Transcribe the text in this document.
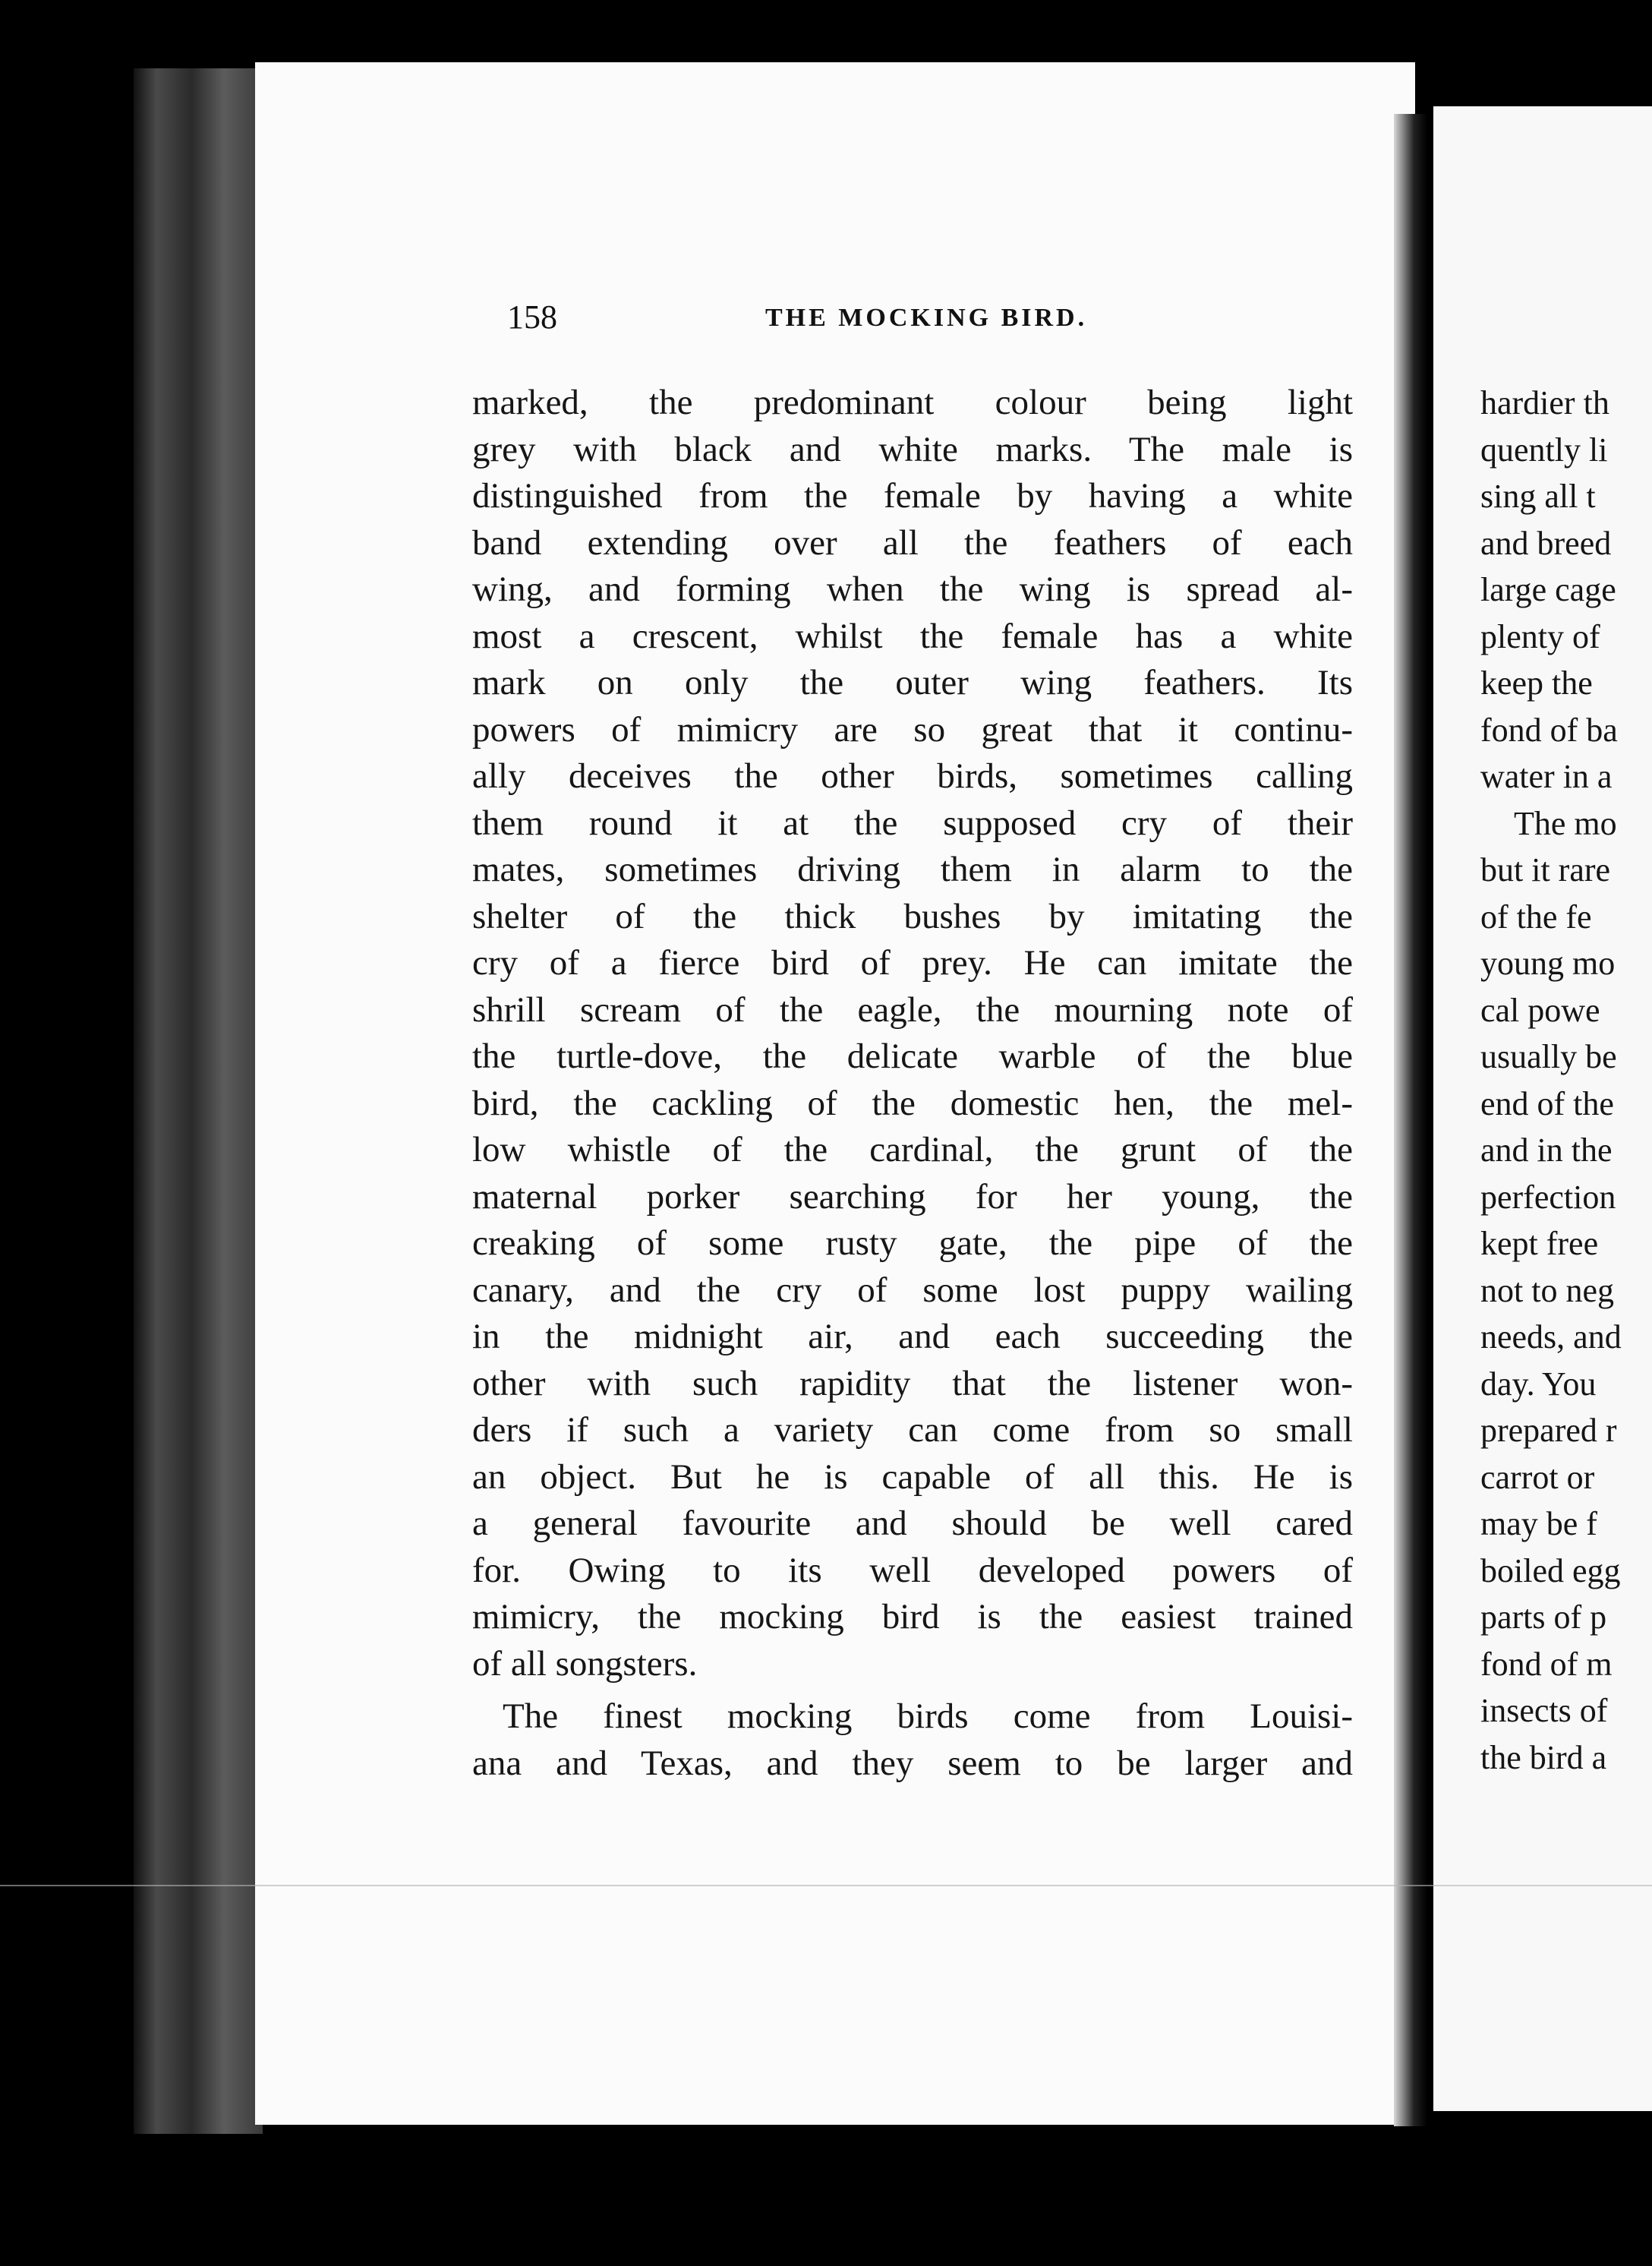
158	THE MOCKING BIRD.
marked, the predominant colour being light
grey with black and white marks. The male is
distinguished from the female by having a white
band extending over all the feathers of each
wing, and forming when the wing is spread al-
most a crescent, whilst the female has a white
mark on only the outer wing feathers. Its
powers of mimicry are so great that it continu-
ally deceives the other birds, sometimes calling
them round it at the supposed cry of their
mates, sometimes driving them in alarm to the
shelter of the thick bushes by imitating the
cry of a fierce bird of prey. He can imitate the
shrill scream of the eagle, the mourning note of
the turtle-dove, the delicate warble of the blue
bird, the cackling of the domestic hen, the mel-
low whistle of the cardinal, the grunt of the
maternal porker searching for her young, the
creaking of some rusty gate, the pipe of the
canary, and the cry of some lost puppy wailing
in the midnight air, and each succeeding the
other with such rapidity that the listener won-
ders if such a variety can come from so small
an object. But he is capable of all this. He is
a general favourite and should be well cared
for. Owing to its well developed powers of
mimicry, the mocking bird is the easiest trained
of all songsters.
The finest mocking birds come from Louisi-
ana and Texas, and they seem to be larger and
hardier th
quently li
sing all t
and breed
large cage
plenty of
keep the
fond of ba
water in a
The mo
but it rare
of the fe
young mo
cal powe
usually be
end of the
and in the
perfection
kept free
not to neg
needs, and
day. You
prepared r
carrot or
may be f
boiled egg
parts of p
fond of m
insects of
the bird a
